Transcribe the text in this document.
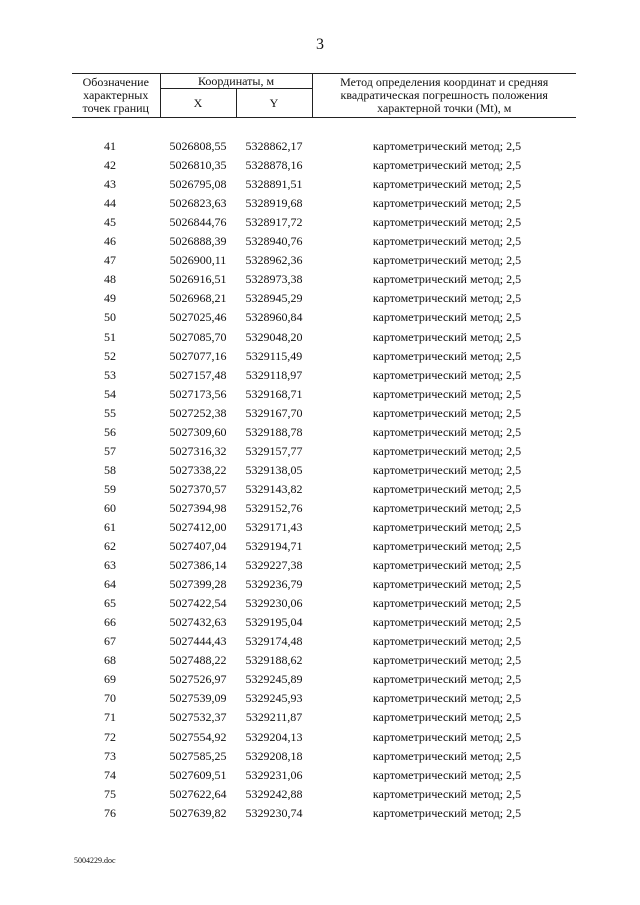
3
Обозначение характерных точек границ	Координаты, м		Метод определения координат и средняя квадратическая погрешность положения характерной точки (Mt), м
	X	Y	

41	5026808,55	5328862,17	картометрический метод; 2,5
42	5026810,35	5328878,16	картометрический метод; 2,5
43	5026795,08	5328891,51	картометрический метод; 2,5
44	5026823,63	5328919,68	картометрический метод; 2,5
45	5026844,76	5328917,72	картометрический метод; 2,5
46	5026888,39	5328940,76	картометрический метод; 2,5
47	5026900,11	5328962,36	картометрический метод; 2,5
48	5026916,51	5328973,38	картометрический метод; 2,5
49	5026968,21	5328945,29	картометрический метод; 2,5
50	5027025,46	5328960,84	картометрический метод; 2,5
51	5027085,70	5329048,20	картометрический метод; 2,5
52	5027077,16	5329115,49	картометрический метод; 2,5
53	5027157,48	5329118,97	картометрический метод; 2,5
54	5027173,56	5329168,71	картометрический метод; 2,5
55	5027252,38	5329167,70	картометрический метод; 2,5
56	5027309,60	5329188,78	картометрический метод; 2,5
57	5027316,32	5329157,77	картометрический метод; 2,5
58	5027338,22	5329138,05	картометрический метод; 2,5
59	5027370,57	5329143,82	картометрический метод; 2,5
60	5027394,98	5329152,76	картометрический метод; 2,5
61	5027412,00	5329171,43	картометрический метод; 2,5
62	5027407,04	5329194,71	картометрический метод; 2,5
63	5027386,14	5329227,38	картометрический метод; 2,5
64	5027399,28	5329236,79	картометрический метод; 2,5
65	5027422,54	5329230,06	картометрический метод; 2,5
66	5027432,63	5329195,04	картометрический метод; 2,5
67	5027444,43	5329174,48	картометрический метод; 2,5
68	5027488,22	5329188,62	картометрический метод; 2,5
69	5027526,97	5329245,89	картометрический метод; 2,5
70	5027539,09	5329245,93	картометрический метод; 2,5
71	5027532,37	5329211,87	картометрический метод; 2,5
72	5027554,92	5329204,13	картометрический метод; 2,5
73	5027585,25	5329208,18	картометрический метод; 2,5
74	5027609,51	5329231,06	картометрический метод; 2,5
75	5027622,64	5329242,88	картометрический метод; 2,5
76	5027639,82	5329230,74	картометрический метод; 2,5
5004229.doc
